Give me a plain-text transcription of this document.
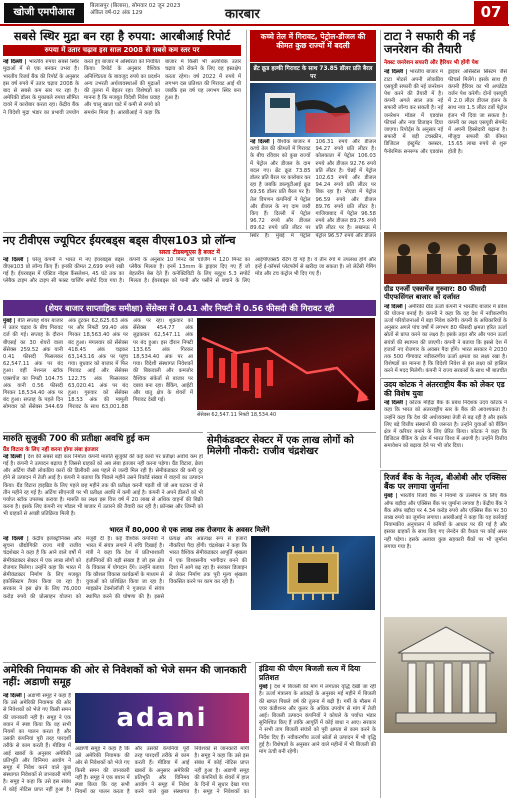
खोजी एमपीआस
बिलासपुर (बिलास), सोमवार 02 जून 2023
अंकित वर्ष-02 अंक 129	कारबार	07
सबसे स्थिर मुद्रा बन रहा है रुपया: आरबीआई रिपोर्ट
रुपया में उतार चढ़ाव इस साल 2008 से सबसे कम स्तर पर
नई दिल्ली | भारतीय रुपया सबसे स्थिर मुद्राओं में से एक बनकर उभरा है। भारतीय रिजर्व बैंक की रिपोर्ट के अनुसार इस वर्ष रुपये में उतार चढ़ाव 2008 के बाद से सबसे कम स्तर पर रहा है। अमेरिकी डॉलर के मुकाबले रुपया सीमित दायरे में कारोबार करता रहा। केंद्रीय बैंक ने विदेशी मुद्रा भंडार का प्रभावी उपयोग करते हुए बाजार में अस्थिरता को नियंत्रित किया। रिपोर्ट के अनुसार वैश्विक अनिश्चितता के बावजूद रुपये का प्रदर्शन अन्य उभरती अर्थव्यवस्थाओं की मुद्राओं की तुलना में बेहतर रहा। विशेषज्ञों का मानना है कि मजबूत विदेशी निवेश प्रवाह और चालू खाता घाटे में कमी से रुपये को समर्थन मिला है। आरबीआई ने कहा कि बाजार में किसी भी अत्यधिक उतार चढ़ाव को रोकने के लिए वह हस्तक्षेप करता रहेगा। वर्ष 2022 में रुपये में लगभग दस प्रतिशत की गिरावट आई थी जबकि इस वर्ष यह लगभग स्थिर बना हुआ है।
कच्चे तेल में गिरावट, पेट्रोल-डीजल की कीमत कुछ राज्यों में बदली
ब्रेंट क्रूड हल्की गिरावट के साथ 73.85 डॉलर प्रति बैरल पर
नई दिल्ली | वैश्विक बाजार में कच्चे तेल की कीमतों में गिरावट के बीच रविवार को कुछ राज्यों में पेट्रोल और डीजल के दाम बदल गए। ब्रेंट क्रूड 73.85 डॉलर प्रति बैरल पर कारोबार कर रहा है जबकि डब्ल्यूटीआई क्रूड 69.56 डॉलर प्रति बैरल पर है। तेल विपणन कंपनियों ने पेट्रोल और डीजल के नए दाम जारी किए हैं। दिल्ली में पेट्रोल 96.72 रुपये और डीजल 89.62 रुपये प्रति लीटर पर स्थिर है। मुंबई में पेट्रोल 106.31 रुपये और डीजल 94.27 रुपये प्रति लीटर है। कोलकाता में पेट्रोल 106.03 रुपये और डीजल 92.76 रुपये प्रति लीटर है। चेन्नई में पेट्रोल 102.63 रुपये और डीजल 94.24 रुपये प्रति लीटर पर बिक रहा है। नोएडा में पेट्रोल 96.59 रुपये और डीजल 89.76 रुपये प्रति लीटर है। गाजियाबाद में पेट्रोल 96.58 रुपये और डीजल 89.75 रुपये प्रति लीटर पर है। लखनऊ में पेट्रोल 96.57 रुपये और डीजल
टाटा ने सफारी की नई जनरेशन की तैयारी
नेक्स्ट जनरेशन सफारी और हैरियर भी होंगी पेश
नई दिल्ली | भारतीय बाजार में टाटा मोटर्स अपनी लोकप्रिय एसयूवी सफारी की नई जनरेशन पेश करने की तैयारी में है। कंपनी अगले साल तक नई सफारी लॉन्च कर सकती है। नई जनरेशन मॉडल में एडवांस फीचर्स और नया डिजाइन दिया जाएगा। रिपोर्ट्स के अनुसार नई सफारी में बड़ी टचस्क्रीन, डिजिटल इंस्ट्रूमेंट क्लस्टर, पैनोरमिक सनरूफ और एडवांस ड्राइवर असिस्टेंस सिस्टम जैसे फीचर्स मिलेंगे। इसके साथ ही कंपनी हैरियर का भी अपडेटेड वर्जन पेश करेगी। दोनों एसयूवी में 2.0 लीटर डीजल इंजन के साथ नया 1.5 लीटर टर्बो पेट्रोल इंजन भी दिया जा सकता है। कंपनी का लक्ष्य एसयूवी सेगमेंट में अपनी हिस्सेदारी बढ़ाना है। मौजूदा सफारी की कीमत 15.65 लाख रुपये से शुरू होती है।
नए टीवीएस ज्यूपिटर ईयरबड्स बड्स वीएस103 प्रो लॉन्च
सस्ता टीडब्ल्यूएस है बजट में
नई दिल्ली | घरेलू कंपनी ने भारत में नए ईयरबड्स बड्स वीएस103 प्रो लॉन्च किए हैं। इनकी कीमत 2,699 रुपये रखी गई है। ईयरबड्स में एक्टिव नॉइस कैंसलेशन, 45 घंटे तक का प्लेबैक टाइम और टाइप सी फास्ट चार्जिंग सपोर्ट दिया गया है। कंपनी के अनुसार 10 मिनट की चार्जिंग में 120 मिनट का प्लेबैक मिलता है। इनमें 13mm के ड्राइवर दिए गए हैं जो बेहतरीन बेस देते हैं। कनेक्टिविटी के लिए ब्लूटूथ 5.3 सपोर्ट मिलता है। ईयरबड्स को पानी और पसीने से बचाने के लिए आईपीएक्स5 रेटिंग दी गई है। ये तीन रंगों में उपलब्ध होंगे और इन्हें ई-कॉमर्स प्लेटफॉर्म से खरीदा जा सकता है। लो लेटेंसी गेमिंग मोड और टच कंट्रोल भी दिए गए हैं।
(शेयर बाजार साप्ताहिक समीक्षा) सेंसेक्स में 0.41 और निफ्टी में 0.56 फीसदी की गिरावट रही
मुंबई | बीते सप्ताह शेयर बाजार में उतार चढ़ाव के बीच गिरावट दर्ज की गई। सप्ताह के दौरान बीएसई का 30 शेयरों वाला सेंसेक्स 259.52 अंक यानी 0.41 फीसदी फिसलकर 62,547.11 अंक पर बंद हुआ। वहीं नेशनल स्टॉक एक्सचेंज का निफ्टी 104.75 अंक यानी 0.56 फीसदी गिरकर 18,534.40 अंक पर बंद हुआ। सप्ताह के पहले दिन सोमवार को सेंसेक्स 344.69 अंक टूटकर 62,625.63 अंक पर और निफ्टी 99.40 अंक गिरकर 18,563.40 अंक पर बंद हुआ। मंगलवार को सेंसेक्स 418.45 अंक चढ़कर 63,143.16 अंक पर पहुंच गया। बुधवार को बाजार में फिर गिरावट आई और सेंसेक्स 122.75 अंक फिसलकर 63,020.41 अंक पर बंद हुआ। गुरुवार को सेंसेक्स 18.53 अंक की मामूली गिरावट के साथ 63,001.88 अंक पर रहा। शुक्रवार को सेंसेक्स 454.77 अंक लुढ़ककर 62,547.11 अंक पर बंद हुआ। इस दौरान निफ्टी 133.65 अंक गिरकर 18,534.40 अंक पर आ गया। विदेशी संस्थागत निवेशकों की बिकवाली और कमजोर वैश्विक संकेतों से बाजार पर दबाव बना रहा। बैंकिंग, आईटी और धातु क्षेत्र के शेयरों में गिरावट देखी गई।
सेंसेक्स 62,547.11 निफ्टी 18,534.40
ग्रीड एनर्जी एक्सचेंज गुरुवार: 80 फीसदी पीएफसिंगल बाजार को दर्जास्त
नई दिल्ली | अमेरिकी ग्रीड ऊर्जा कंपनी ने भारतीय बाजार में प्रवेश की योजना बनाई है। कंपनी ने कहा कि वह देश में नवीकरणीय ऊर्जा परियोजनाओं में बड़ा निवेश करेगी। कंपनी के अधिकारियों के अनुसार अगले पांच वर्षों में लगभग 80 फीसदी क्षमता हरित ऊर्जा स्रोतों से प्राप्त करने का लक्ष्य है। इसके तहत सौर और पवन ऊर्जा संयंत्रों की स्थापना की जाएगी। कंपनी ने बताया कि इससे देश में हजारों नए रोजगार के अवसर पैदा होंगे। भारत सरकार ने 2030 तक 500 गीगावाट नवीकरणीय ऊर्जा क्षमता का लक्ष्य रखा है। विशेषज्ञों का मानना है कि विदेशी निवेश से इस लक्ष्य को हासिल करने में मदद मिलेगी। कंपनी ने राज्य सरकारों के साथ भी बातचीत
उदय कोटक ने अंतरराष्ट्रीय बैंक को लेकर एड की विशेष युवा
नई दिल्ली | कोटक महिंद्रा बैंक के प्रबंध निदेशक उदय कोटक ने कहा कि भारत को अंतरराष्ट्रीय स्तर के बैंक की आवश्यकता है। उन्होंने कहा कि देश की अर्थव्यवस्था तेजी से बढ़ रही है और इसके लिए बड़े वित्तीय संस्थानों की जरूरत है। उन्होंने युवाओं को बैंकिंग क्षेत्र में करियर बनाने के लिए प्रेरित किया। कोटक ने कहा कि डिजिटल बैंकिंग के क्षेत्र में भारत विश्व में अग्रणी है। उन्होंने वित्तीय समावेशन को बढ़ावा देने पर भी जोर दिया।
मारुति सुजुकी 700 की प्रतीक्षा अवधि हुई कम
ग्रैंड विटारा के लिए नहीं करना होगा लंबा इंतजार
नई दिल्ली | देश की सबसे बड़ी कार निर्माता कंपनी मारुति सुजुकी की कई कारों पर प्रतीक्षा अवधि कम हो गई है। कंपनी ने उत्पादन बढ़ाया है जिससे ग्राहकों को अब लंबा इंतजार नहीं करना पड़ेगा। ग्रैंड विटारा, ब्रेजा और अर्टिगा जैसी लोकप्रिय कारों की डिलीवरी अब पहले से जल्दी मिल रही है। सेमीकंडक्टर की कमी दूर होने से उत्पादन में तेजी आई है। कंपनी ने बताया कि पिछले महीने उसने रिकॉर्ड संख्या में वाहनों का उत्पादन किया। ग्रैंड विटारा हाइब्रिड के लिए पहले छह महीने तक की प्रतीक्षा करनी पड़ती थी जो अब घटकर दो से तीन महीने रह गई है। अर्टिगा सीएनजी पर भी प्रतीक्षा अवधि में कमी आई है। कंपनी ने अपने डीलरों को भी पर्याप्त स्टॉक उपलब्ध कराया है। मारुति का लक्ष्य इस वित्त वर्ष में 20 लाख से अधिक वाहनों की बिक्री करना है। इसके लिए कंपनी नए मॉडल भी बाजार में उतारने की तैयारी कर रही है। फ्रॉन्क्स और जिम्नी को भी ग्राहकों से अच्छी प्रतिक्रिया मिली है।
सेमीकंडक्टर सेक्टर में एक लाख लोगों को मिलेगी नौकरी: राजीव चंद्रशेखर
भारत में 80,000 से एक लाख तक रोजगार के अवसर मिलेंगे
नई दिल्ली | केंद्रीय इलेक्ट्रॉनिक्स और सूचना प्रौद्योगिकी राज्य मंत्री राजीव चंद्रशेखर ने कहा है कि आने वाले वर्षों में सेमीकंडक्टर सेक्टर में एक लाख लोगों को रोजगार मिलेगा। उन्होंने कहा कि भारत में सेमीकंडक्टर निर्माण के लिए मजबूत इकोसिस्टम तैयार किया जा रहा है। सरकार ने इस क्षेत्र के लिए 76,000 करोड़ रुपये की प्रोत्साहन योजना को मंजूरी दी है। कई वैश्विक कंपनियों ने भारत में संयंत्र लगाने में रुचि दिखाई है। मंत्री ने कहा कि देश में प्रतिभाशाली इंजीनियरों की बड़ी संख्या है जो इस क्षेत्र के विकास में योगदान देंगे। उन्होंने बताया कि कौशल विकास कार्यक्रमों के माध्यम से युवाओं को प्रशिक्षित किया जा रहा है। माइक्रोन टेक्नोलॉजी ने गुजरात में संयंत्र स्थापित करने की घोषणा की है। इससे प्रत्यक्ष और अप्रत्यक्ष रूप से हजारों नौकरियां पैदा होंगी। चंद्रशेखर ने कहा कि भारत वैश्विक सेमीकंडक्टर आपूर्ति श्रृंखला में एक विश्वसनीय भागीदार बनने की दिशा में आगे बढ़ रहा है। सरकार डिजाइन से लेकर निर्माण तक पूरी मूल्य श्रृंखला विकसित करने पर काम कर रही है।
रिजर्व बैंक के नेतृत्व, बीओबी और एक्सिस बैंक पर लगाया जुर्माना
मुंबई | भारतीय रिजर्व बैंक ने नियमों के उल्लंघन के लिए बैंक ऑफ बड़ौदा और एक्सिस बैंक पर जुर्माना लगाया है। केंद्रीय बैंक ने बैंक ऑफ बड़ौदा पर 4.34 करोड़ रुपये और एक्सिस बैंक पर 30 लाख रुपये का जुर्माना लगाया। आरबीआई ने कहा कि यह कार्रवाई नियामकीय अनुपालन में कमियों के आधार पर की गई है और इसका ग्राहकों के साथ किए गए लेनदेन की वैधता पर कोई असर नहीं पड़ेगा। इसके अलावा कुछ सहकारी बैंकों पर भी जुर्माना लगाया गया है।
अमेरिकी नियामक की ओर से निवेशकों को भेजे समन की जानकारी नहीं: अडाणी समूह
नई दिल्ली | अडाणी समूह ने कहा है कि उसे अमेरिकी नियामक की ओर से निवेशकों को भेजे गए किसी समन की जानकारी नहीं है। समूह ने एक बयान में स्पष्ट किया कि वह सभी नियमों का पालन करता है और उसकी कंपनियां पूरी तरह पारदर्शी तरीके से काम करती हैं। मीडिया में आई खबरों के अनुसार अमेरिकी प्रतिभूति और विनिमय आयोग ने समूह में निवेश करने वाले कुछ संस्थागत निवेशकों से जानकारी मांगी है। समूह ने कहा कि उसे इस संबंध में कोई नोटिस प्राप्त नहीं हुआ है।
adani
अडाणी समूह ने कहा है कि उसे अमेरिकी नियामक की ओर से निवेशकों को भेजे गए किसी समन की जानकारी नहीं है। समूह ने एक बयान में स्पष्ट किया कि वह सभी नियमों का पालन करता है और उसकी कंपनियां पूरी तरह पारदर्शी तरीके से काम करती हैं। मीडिया में आई खबरों के अनुसार अमेरिकी प्रतिभूति और विनिमय आयोग ने समूह में निवेश करने वाले कुछ संस्थागत निवेशकों से जानकारी मांगी है। समूह ने कहा कि उसे इस संबंध में कोई नोटिस प्राप्त नहीं हुआ है। अडाणी समूह की कंपनियों के शेयरों में हाल के दिनों में सुधार देखा गया है। समूह ने निवेशकों का
इंडिया की पीएम बिजली सत्य में दिया प्रतिशत
मुंबई | देश में बिजली की मांग में लगातार वृद्धि देखी जा रही है। ऊर्जा मंत्रालय के आंकड़ों के अनुसार मई महीने में बिजली की खपत पिछले वर्ष की तुलना में बढ़ी है। गर्मी के मौसम में एयर कंडीशनर और कूलर के अधिक उपयोग से मांग में तेजी आई। बिजली उत्पादन कंपनियों ने कोयले के पर्याप्त भंडार सुनिश्चित किए हैं ताकि आपूर्ति में कोई बाधा न आए। सरकार ने सभी ताप बिजली संयंत्रों को पूरी क्षमता से काम करने के निर्देश दिए हैं। नवीकरणीय ऊर्जा स्रोतों से उत्पादन में भी वृद्धि हुई है। विशेषज्ञों के अनुसार आने वाले महीनों में भी बिजली की मांग ऊंची बनी रहेगी।
